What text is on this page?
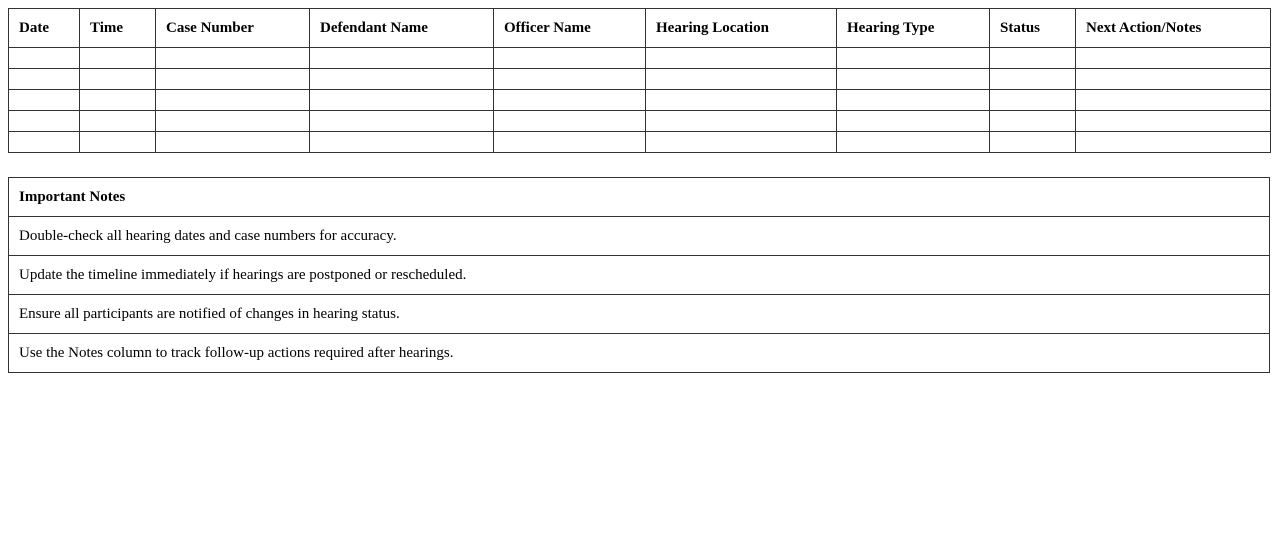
Date	Time	Case Number	Defendant Name	Officer Name	Hearing Location	Hearing Type	Status	Next Action/Notes

Important Notes
Double-check all hearing dates and case numbers for accuracy.
Update the timeline immediately if hearings are postponed or rescheduled.
Ensure all participants are notified of changes in hearing status.
Use the Notes column to track follow-up actions required after hearings.
